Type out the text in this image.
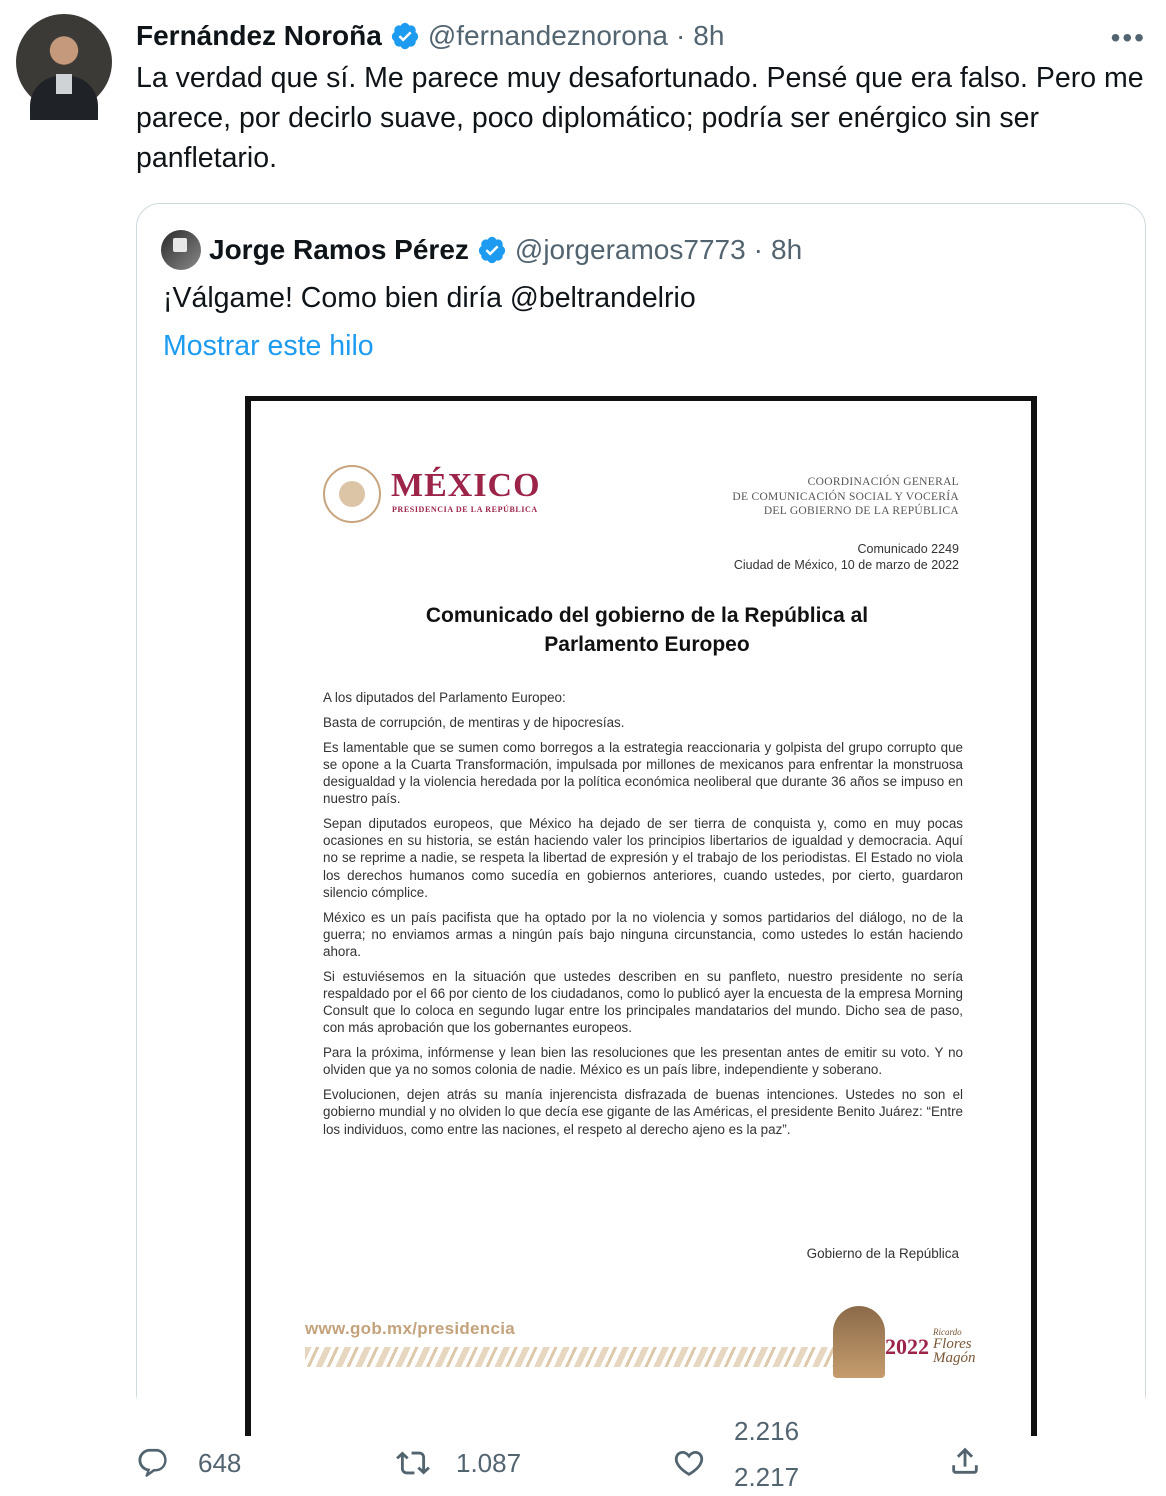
Fernández Noroña @fernandeznorona · 8h	•••
La verdad que sí. Me parece muy desafortunado. Pensé que era falso. Pero me parece, por decirlo suave, poco diplomático; podría ser enérgico sin ser panfletario.
Jorge Ramos Pérez @jorgeramos7773 · 8h
¡Válgame! Como bien diría @beltrandelrio
Mostrar este hilo
MÉXICO
PRESIDENCIA DE LA REPÚBLICA
COORDINACIÓN GENERAL
DE COMUNICACIÓN SOCIAL Y VOCERÍA
DEL GOBIERNO DE LA REPÚBLICA
Comunicado 2249
Ciudad de México, 10 de marzo de 2022
Comunicado del gobierno de la República al
Parlamento Europeo

A los diputados del Parlamento Europeo:

Basta de corrupción, de mentiras y de hipocresías.

Es lamentable que se sumen como borregos a la estrategia reaccionaria y golpista del grupo corrupto que se opone a la Cuarta Transformación, impulsada por millones de mexicanos para enfrentar la monstruosa desigualdad y la violencia heredada por la política económica neoliberal que durante 36 años se impuso en nuestro país.

Sepan diputados europeos, que México ha dejado de ser tierra de conquista y, como en muy pocas ocasiones en su historia, se están haciendo valer los principios libertarios de igualdad y democracia. Aquí no se reprime a nadie, se respeta la libertad de expresión y el trabajo de los periodistas. El Estado no viola los derechos humanos como sucedía en gobiernos anteriores, cuando ustedes, por cierto, guardaron silencio cómplice.

México es un país pacifista que ha optado por la no violencia y somos partidarios del diálogo, no de la guerra; no enviamos armas a ningún país bajo ninguna circunstancia, como ustedes lo están haciendo ahora.

Si estuviésemos en la situación que ustedes describen en su panfleto, nuestro presidente no sería respaldado por el 66 por ciento de los ciudadanos, como lo publicó ayer la encuesta de la empresa Morning Consult que lo coloca en segundo lugar entre los principales mandatarios del mundo. Dicho sea de paso, con más aprobación que los gobernantes europeos.

Para la próxima, infórmense y lean bien las resoluciones que les presentan antes de emitir su voto. Y no olviden que ya no somos colonia de nadie. México es un país libre, independiente y soberano.

Evolucionen, dejen atrás su manía injerencista disfrazada de buenas intenciones. Ustedes no son el gobierno mundial y no olviden lo que decía ese gigante de las Américas, el presidente Benito Juárez: “Entre los individuos, como entre las naciones, el respeto al derecho ajeno es la paz”.

Gobierno de la República
www.gob.mx/presidencia
2022
Ricardo
Flores
Magón
648	1.087
2.216
2.217
